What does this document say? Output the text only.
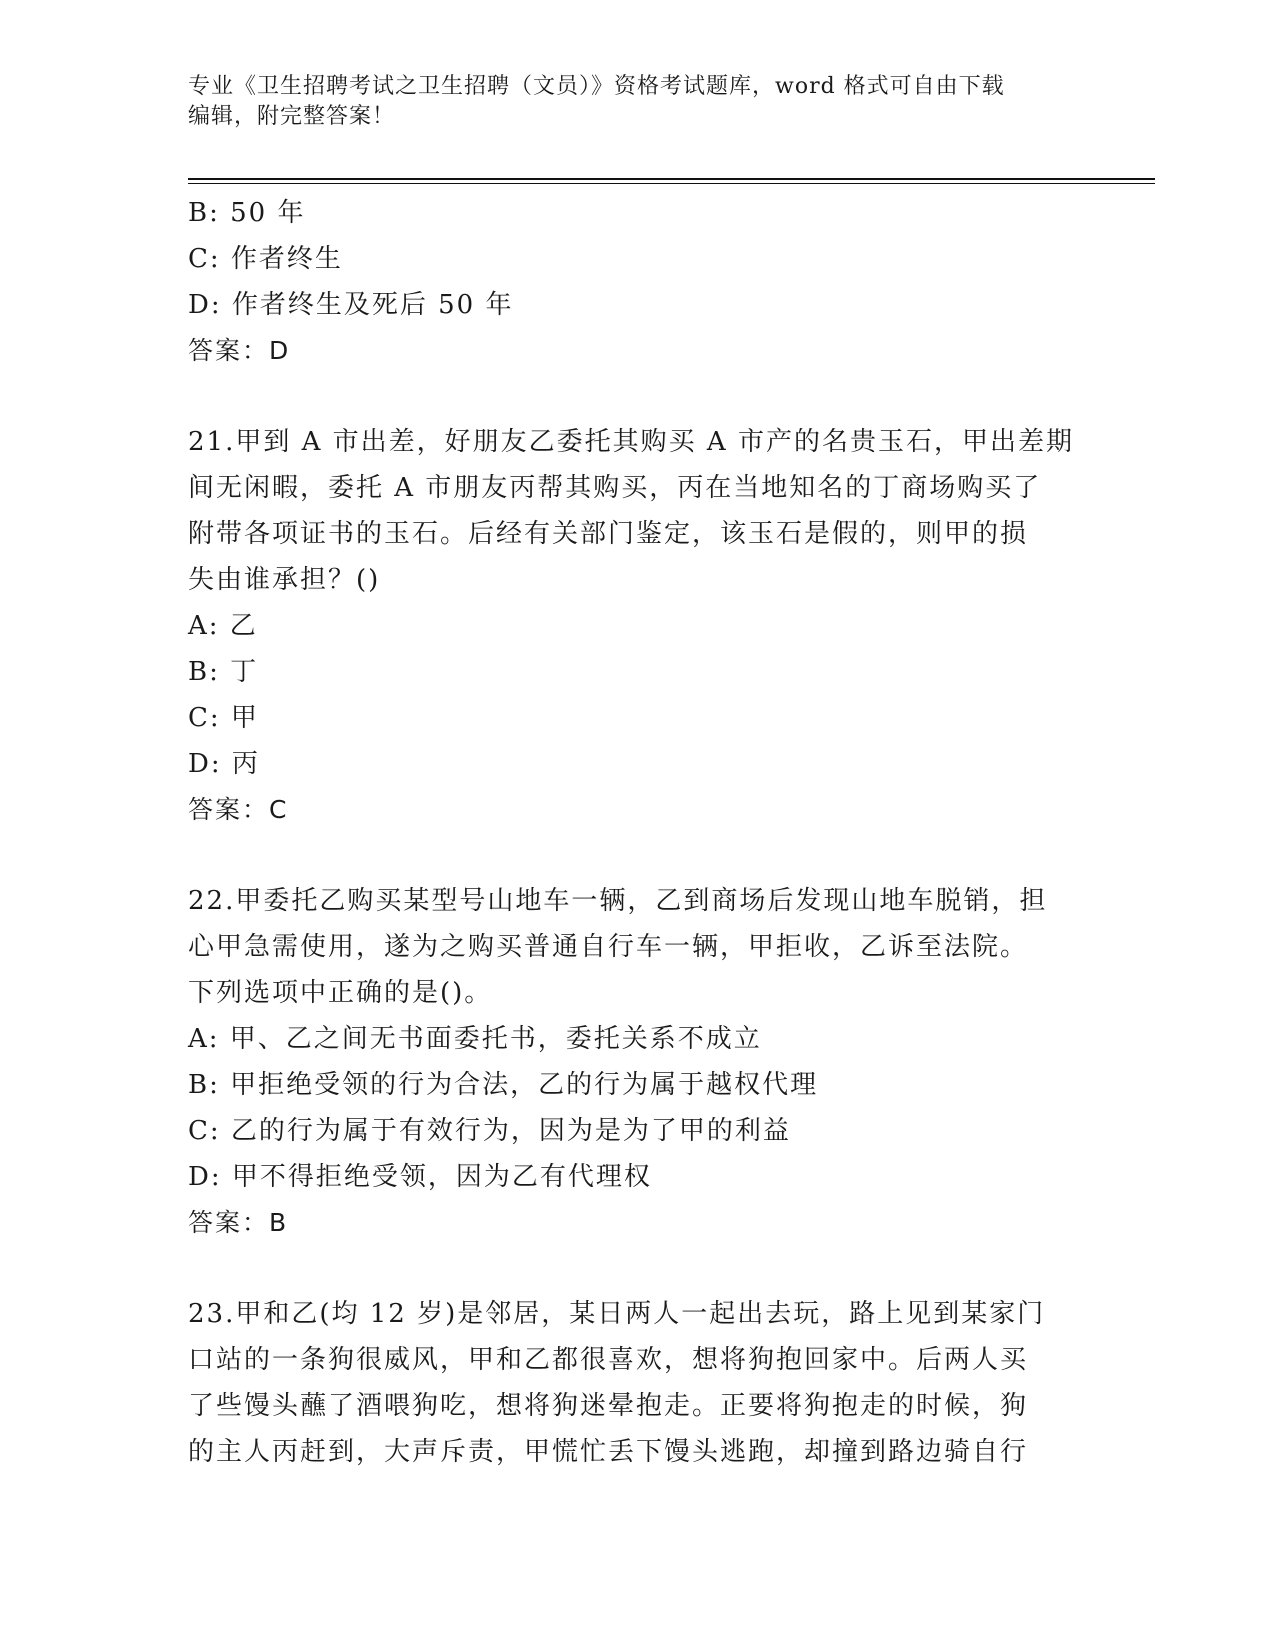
专业《卫生招聘考试之卫生招聘（文员）》资格考试题库，word 格式可自由下载
编辑，附完整答案！
B: 50 年
C: 作者终生
D: 作者终生及死后 50 年
答案：D
21.甲到 A 市出差，好朋友乙委托其购买 A 市产的名贵玉石，甲出差期
间无闲暇，委托 A 市朋友丙帮其购买，丙在当地知名的丁商场购买了
附带各项证书的玉石。后经有关部门鉴定，该玉石是假的，则甲的损
失由谁承担？()
A: 乙
B: 丁
C: 甲
D: 丙
答案：C
22.甲委托乙购买某型号山地车一辆，乙到商场后发现山地车脱销，担
心甲急需使用，遂为之购买普通自行车一辆，甲拒收，乙诉至法院。
下列选项中正确的是()。
A: 甲、乙之间无书面委托书，委托关系不成立
B: 甲拒绝受领的行为合法，乙的行为属于越权代理
C: 乙的行为属于有效行为，因为是为了甲的利益
D: 甲不得拒绝受领，因为乙有代理权
答案：B
23.甲和乙(均 12 岁)是邻居，某日两人一起出去玩，路上见到某家门
口站的一条狗很威风，甲和乙都很喜欢，想将狗抱回家中。后两人买
了些馒头蘸了酒喂狗吃，想将狗迷晕抱走。正要将狗抱走的时候，狗
的主人丙赶到，大声斥责，甲慌忙丢下馒头逃跑，却撞到路边骑自行
